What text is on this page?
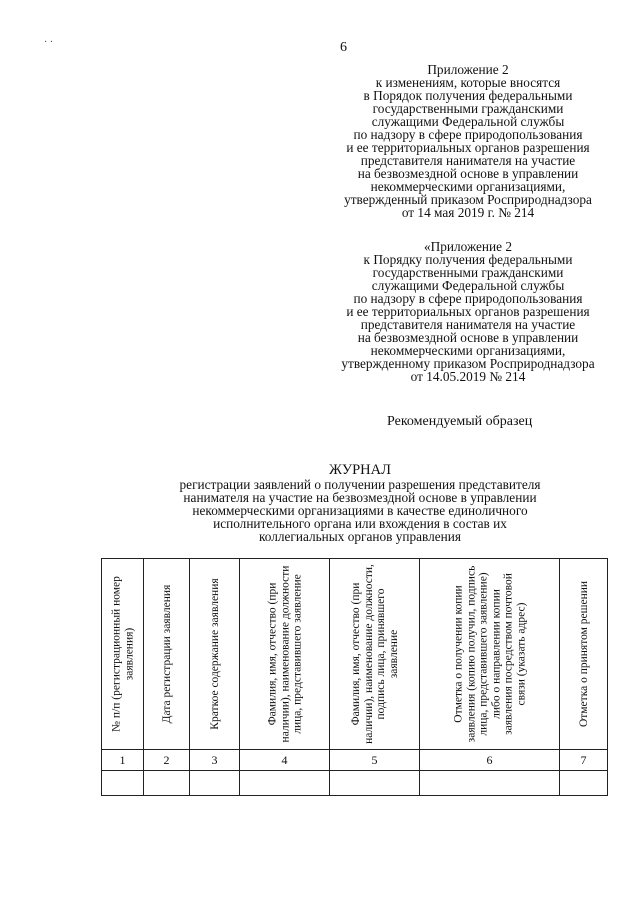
· ·	6
Приложение 2
к изменениям, которые вносятся
в Порядок получения федеральными
государственными гражданскими
служащими Федеральной службы
по надзору в сфере природопользования
и ее территориальных органов разрешения
представителя нанимателя на участие
на безвозмездной основе в управлении
некоммерческими организациями,
утвержденный приказом Росприроднадзора
от 14 мая 2019 г. № 214
«Приложение 2
к Порядку получения федеральными
государственными гражданскими
служащими Федеральной службы
по надзору в сфере природопользования
и ее территориальных органов разрешения
представителя нанимателя на участие
на безвозмездной основе в управлении
некоммерческими организациями,
утвержденному приказом Росприроднадзора
от 14.05.2019 № 214
Рекомендуемый образец
ЖУРНАЛ
регистрации заявлений о получении разрешения представителя
нанимателя на участие на безвозмездной основе в управлении
некоммерческими организациями в качестве единоличного
исполнительного органа или вхождения в состав их
коллегиальных органов управления
№ п/п (регистрационный номер заявления)	Дата регистрации заявления	Краткое содержание заявления	Фамилия, имя, отчество (при наличии), наименование должности лица, представившего заявление	Фамилия, имя, отчество (при наличии), наименование должности, подпись лица, принявшего заявление	Отметка о получении копии заявления (копию получил, подпись лица, представившего заявление) либо о направлении копии заявления посредством почтовой связи (указать адрес)	Отметка о принятом решении

1	2	3	4	5	6	7
